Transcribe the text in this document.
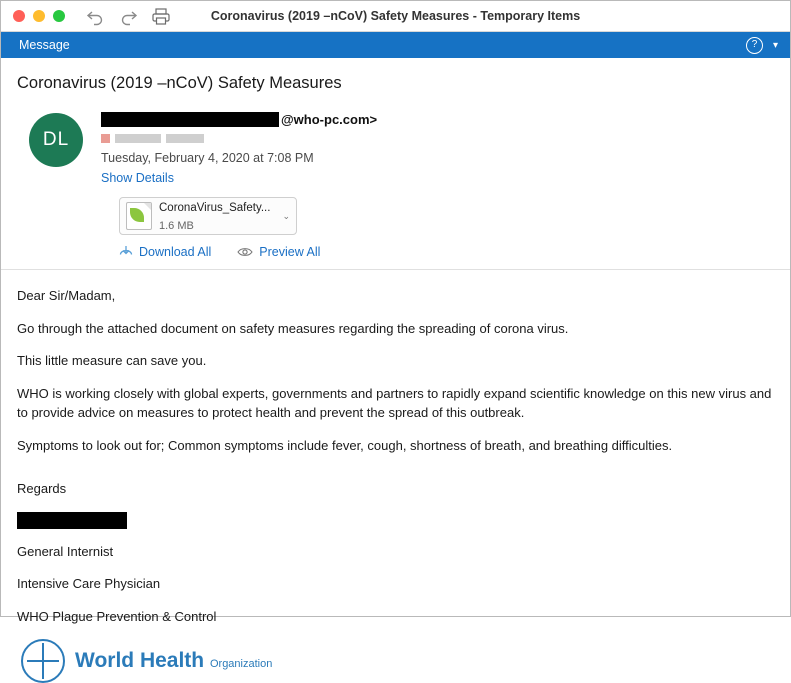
Coronavirus (2019 –nCoV) Safety Measures - Temporary Items
Message	?	▾
Coronavirus (2019 –nCoV) Safety Measures
DL
@who-pc.com>
Tuesday, February 4, 2020 at 7:08 PM
Show Details
CoronaVirus_Safety... 1.6 MB
⌄
Download All	Preview All

Dear Sir/Madam,

Go through the attached document on safety measures regarding the spreading of corona virus.

This little measure can save you.

WHO is working closely with global experts, governments and partners to rapidly expand scientific knowledge on this new virus and to provide advice on measures to protect health and prevent the spread of this outbreak.

Symptoms to look out for; Common symptoms include fever, cough, shortness of breath, and breathing difficulties.

Regards

General Internist

Intensive Care Physician

WHO Plague Prevention & Control

World Health Organization
